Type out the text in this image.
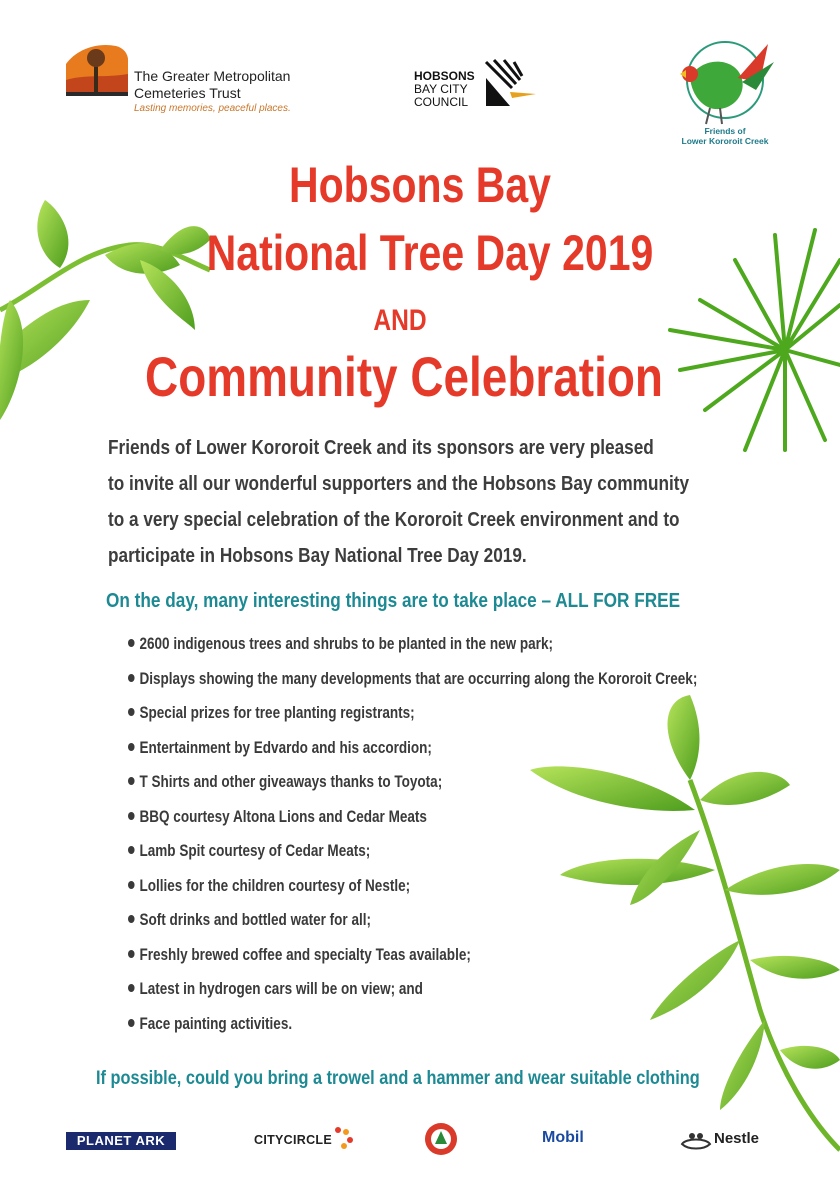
The Greater Metropolitan
Cemeteries Trust
Lasting memories, peaceful places.
HOBSONS
BAY CITY
COUNCIL
Friends of
Lower Kororoit Creek
Hobsons Bay
National Tree Day 2019
AND
Community Celebration
Friends of Lower Kororoit Creek and its sponsors are very pleased
to invite all our wonderful supporters and the Hobsons Bay community
to a very special celebration of the Kororoit Creek environment and to
participate in Hobsons Bay National Tree Day 2019.
On the day, many interesting things are to take place – ALL FOR FREE
2600 indigenous trees and shrubs to be planted in the new park;
Displays showing the many developments that are occurring along the Kororoit Creek;
Special prizes for tree planting registrants;
Entertainment by Edvardo and his accordion;
T Shirts and other giveaways thanks to Toyota;
BBQ courtesy Altona Lions and Cedar Meats
Lamb Spit courtesy of Cedar Meats;
Lollies for the children courtesy of Nestle;
Soft drinks and bottled water for all;
Freshly brewed coffee and specialty Teas available;
Latest in hydrogen cars will be on view; and
Face painting activities.
If possible, could you bring a trowel and a hammer and wear suitable clothing
PLANET ARK	CITYCIRCLE	Mobil	Nestle
